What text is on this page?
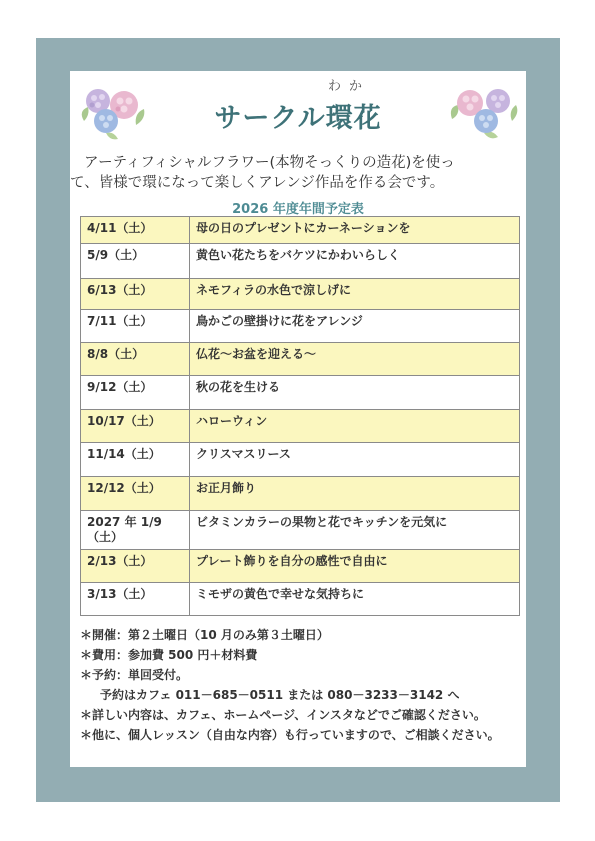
わか
サークル環花
アーティフィシャルフラワー(本物そっくりの造花)を使っ
て、皆様で環になって楽しくアレンジ作品を作る会です。
2026 年度年間予定表
4/11（土）	母の日のプレゼントにカーネーションを
5/9（土）	黄色い花たちをバケツにかわいらしく
6/13（土）	ネモフィラの水色で涼しげに
7/11（土）	鳥かごの壁掛けに花をアレンジ
8/8（土）	仏花～お盆を迎える～
9/12（土）	秋の花を生ける
10/17（土）	ハローウィン
11/14（土）	クリスマスリース
12/12（土）	お正月飾り
2027 年 1/9（土）	ビタミンカラーの果物と花でキッチンを元気に
2/13（土）	プレート飾りを自分の感性で自由に
3/13（土）	ミモザの黄色で幸せな気持ちに
＊開催：第２土曜日（10 月のみ第３土曜日）
＊費用：参加費 500 円＋材料費
＊予約：単回受付。
予約はカフェ 011－685－0511 または 080－3233－3142 へ
＊詳しい内容は、カフェ、ホームページ、インスタなどでご確認ください。
＊他に、個人レッスン（自由な内容）も行っていますので、ご相談ください。
